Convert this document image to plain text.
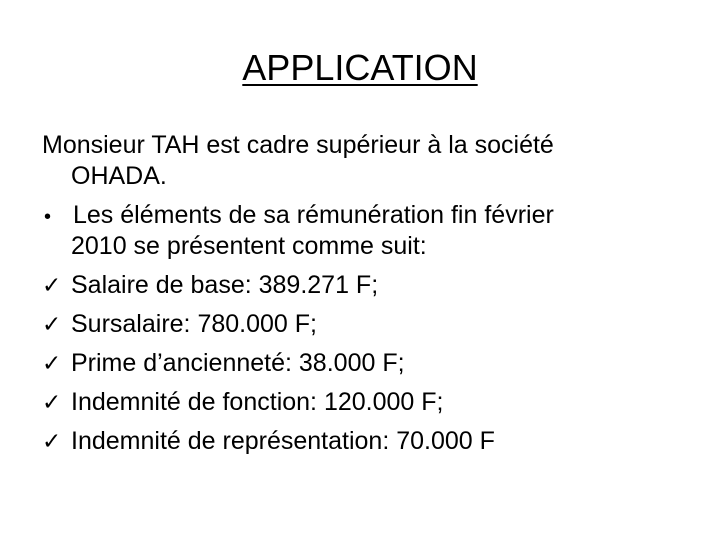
APPLICATION
Monsieur TAH est cadre supérieur à la société
OHADA.
• Les éléments de sa rémunération fin février
2010 se présentent comme suit:
✓ Salaire de base: 389.271 F;
✓ Sursalaire: 780.000 F;
✓ Prime d’ancienneté: 38.000 F;
✓ Indemnité de fonction: 120.000 F;
✓ Indemnité de représentation: 70.000 F
